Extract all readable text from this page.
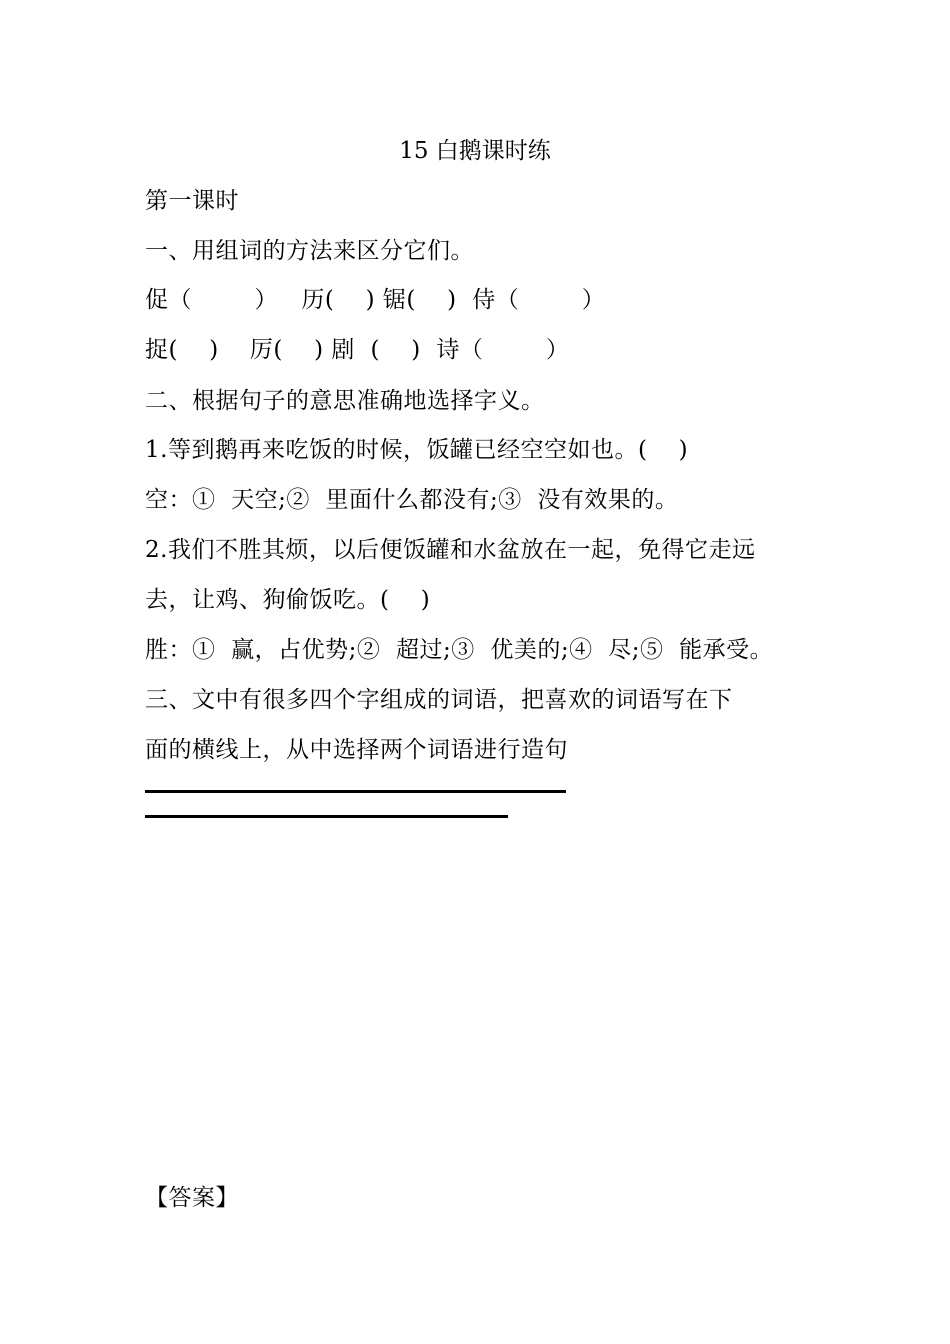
15 白鹅课时练
第一课时
一、用组词的方法来区分它们。
促（        ）   历(    ) 锯(    )  侍（        ）
捉(    )    厉(    ) 剧  (    )  诗（        ）
二、根据句子的意思准确地选择字义。
1.等到鹅再来吃饭的时候，饭罐已经空空如也。(    )
空：①  天空;②  里面什么都没有;③  没有效果的。
2.我们不胜其烦，以后便饭罐和水盆放在一起，免得它走远
去，让鸡、狗偷饭吃。(    )
胜：①  赢，占优势;②  超过;③  优美的;④  尽;⑤  能承受。
三、文中有很多四个字组成的词语，把喜欢的词语写在下
面的横线上，从中选择两个词语进行造句
【答案】
